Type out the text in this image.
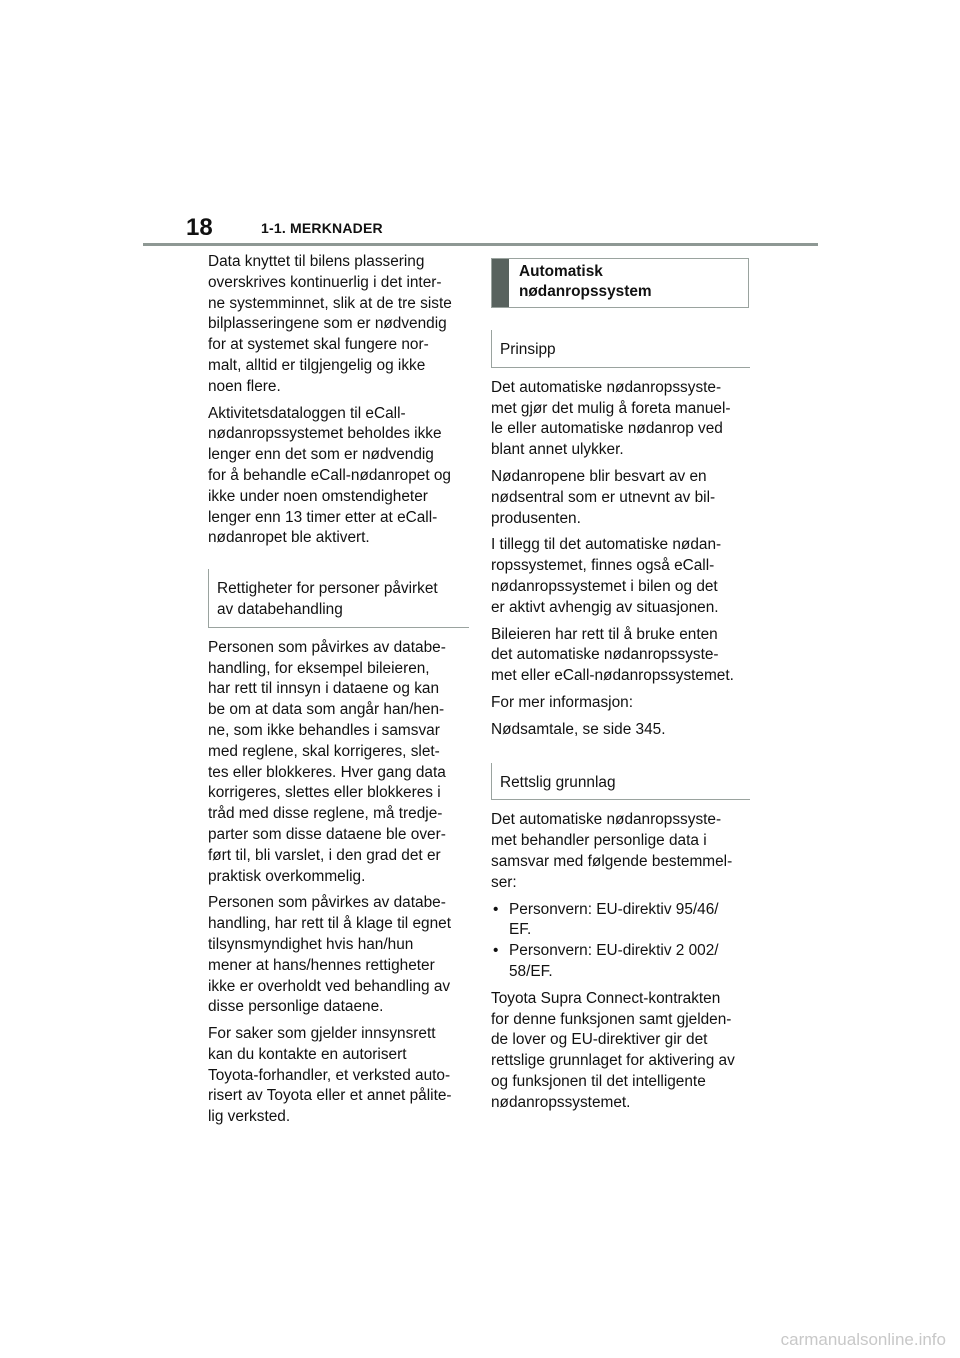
18	1-1. MERKNADER

Data knyttet til bilens plassering
overskrives kontinuerlig i det inter-
ne systemminnet, slik at de tre siste
bilplasseringene som er nødvendig
for at systemet skal fungere nor-
malt, alltid er tilgjengelig og ikke
noen flere.

Aktivitetsdataloggen til eCall-
nødanropssystemet beholdes ikke
lenger enn det som er nødvendig
for å behandle eCall-nødanropet og
ikke under noen omstendigheter
lenger enn 13 timer etter at eCall-
nødanropet ble aktivert.

Rettigheter for personer påvirket
av databehandling

Personen som påvirkes av databe-
handling, for eksempel bileieren,
har rett til innsyn i dataene og kan
be om at data som angår han/hen-
ne, som ikke behandles i samsvar
med reglene, skal korrigeres, slet-
tes eller blokkeres. Hver gang data
korrigeres, slettes eller blokkeres i
tråd med disse reglene, må tredje-
parter som disse dataene ble over-
ført til, bli varslet, i den grad det er
praktisk overkommelig.

Personen som påvirkes av databe-
handling, har rett til å klage til egnet
tilsynsmyndighet hvis han/hun
mener at hans/hennes rettigheter
ikke er overholdt ved behandling av
disse personlige dataene.

For saker som gjelder innsynsrett
kan du kontakte en autorisert
Toyota-forhandler, et verksted auto-
risert av Toyota eller et annet pålite-
lig verksted.

Automatisk
nødanropssystem
Prinsipp

Det automatiske nødanropssyste-
met gjør det mulig å foreta manuel-
le eller automatiske nødanrop ved
blant annet ulykker.

Nødanropene blir besvart av en
nødsentral som er utnevnt av bil-
produsenten.

I tillegg til det automatiske nødan-
ropssystemet, finnes også eCall-
nødanropssystemet i bilen og det
er aktivt avhengig av situasjonen.

Bileieren har rett til å bruke enten
det automatiske nødanropssyste-
met eller eCall-nødanropssystemet.

For mer informasjon:

Nødsamtale, se side 345.

Rettslig grunnlag

Det automatiske nødanropssyste-
met behandler personlige data i
samsvar med følgende bestemmel-
ser:

• Personvern: EU-direktiv 95/46/
EF.
• Personvern: EU-direktiv 2 002/
58/EF.

Toyota Supra Connect-kontrakten
for denne funksjonen samt gjelden-
de lover og EU-direktiver gir det
rettslige grunnlaget for aktivering av
og funksjonen til det intelligente
nødanropssystemet.

carmanualsonline.info
